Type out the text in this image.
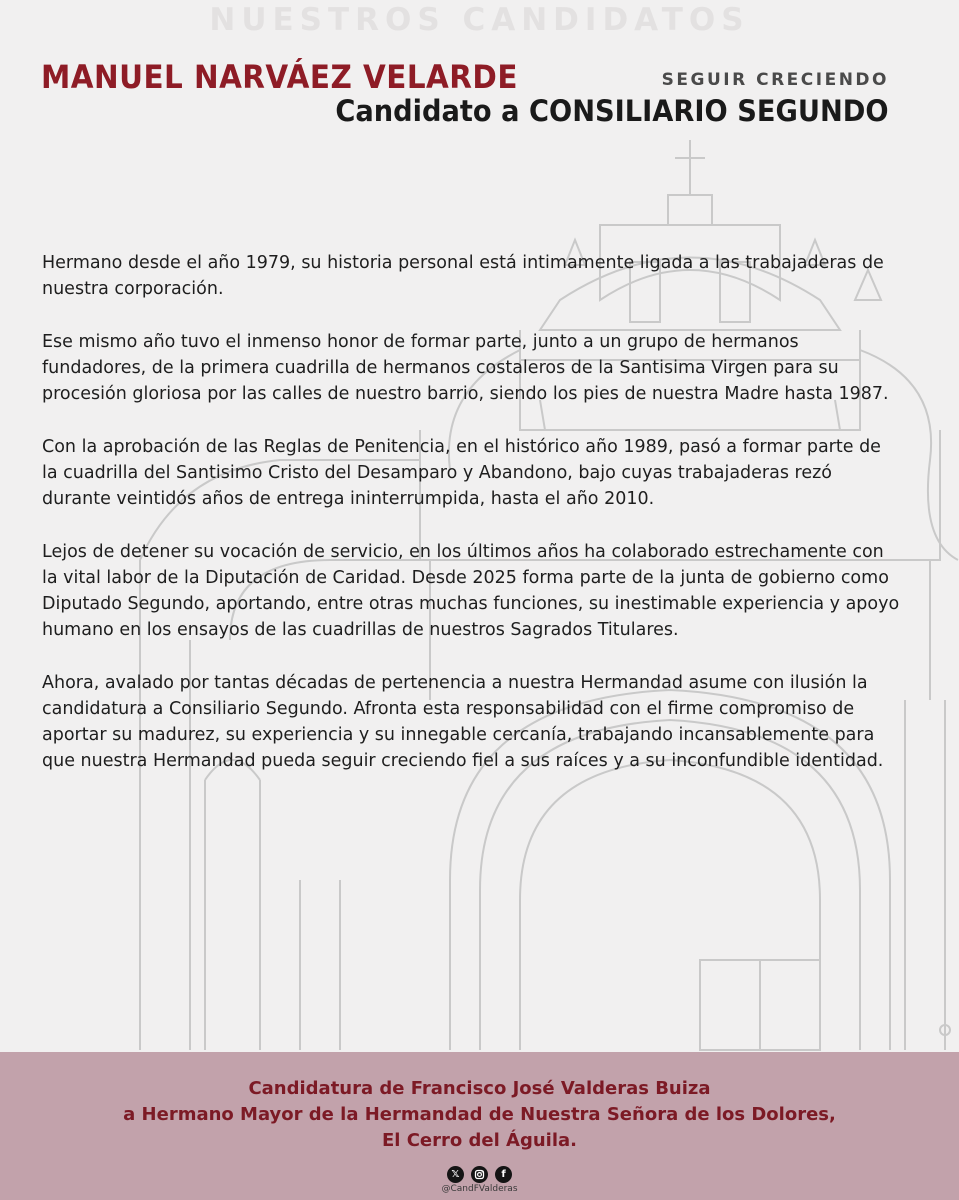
NUESTROS CANDIDATOS
MANUEL NARVÁEZ VELARDE	SEGUIR CRECIENDO
Candidato a CONSILIARIO SEGUNDO

Hermano desde el año 1979, su historia personal está intimamente ligada a las trabajaderas de nuestra corporación.

Ese mismo año tuvo el inmenso honor de formar parte, junto a un grupo de hermanos fundadores, de la primera cuadrilla de hermanos costaleros de la Santisima Virgen para su procesión gloriosa por las calles de nuestro barrio, siendo los pies de nuestra Madre hasta 1987.

Con la aprobación de las Reglas de Penitencia, en el histórico año 1989, pasó a formar parte de la cuadrilla del Santisimo Cristo del Desamparo y Abandono, bajo cuyas trabajaderas rezó durante veintidós años de entrega ininterrumpida, hasta el año 2010.

Lejos de detener su vocación de servicio, en los últimos años ha colaborado estrechamente con la vital labor de la Diputación de Caridad. Desde 2025 forma parte de la junta de gobierno como Diputado Segundo, aportando, entre otras muchas funciones, su inestimable experiencia y apoyo humano en los ensayos de las cuadrillas de nuestros Sagrados Titulares.

Ahora, avalado por tantas décadas de pertenencia a nuestra Hermandad asume con ilusión la candidatura a Consiliario Segundo. Afronta esta responsabilidad con el firme compromiso de aportar su madurez, su experiencia y su innegable cercanía, trabajando incansablemente para que nuestra Hermandad pueda seguir creciendo fiel a sus raíces y a su inconfundible identidad.

Candidatura de Francisco José Valderas Buiza
a Hermano Mayor de la Hermandad de Nuestra Señora de los Dolores,
El Cerro del Águila.
𝕏	f
@CandFValderas
